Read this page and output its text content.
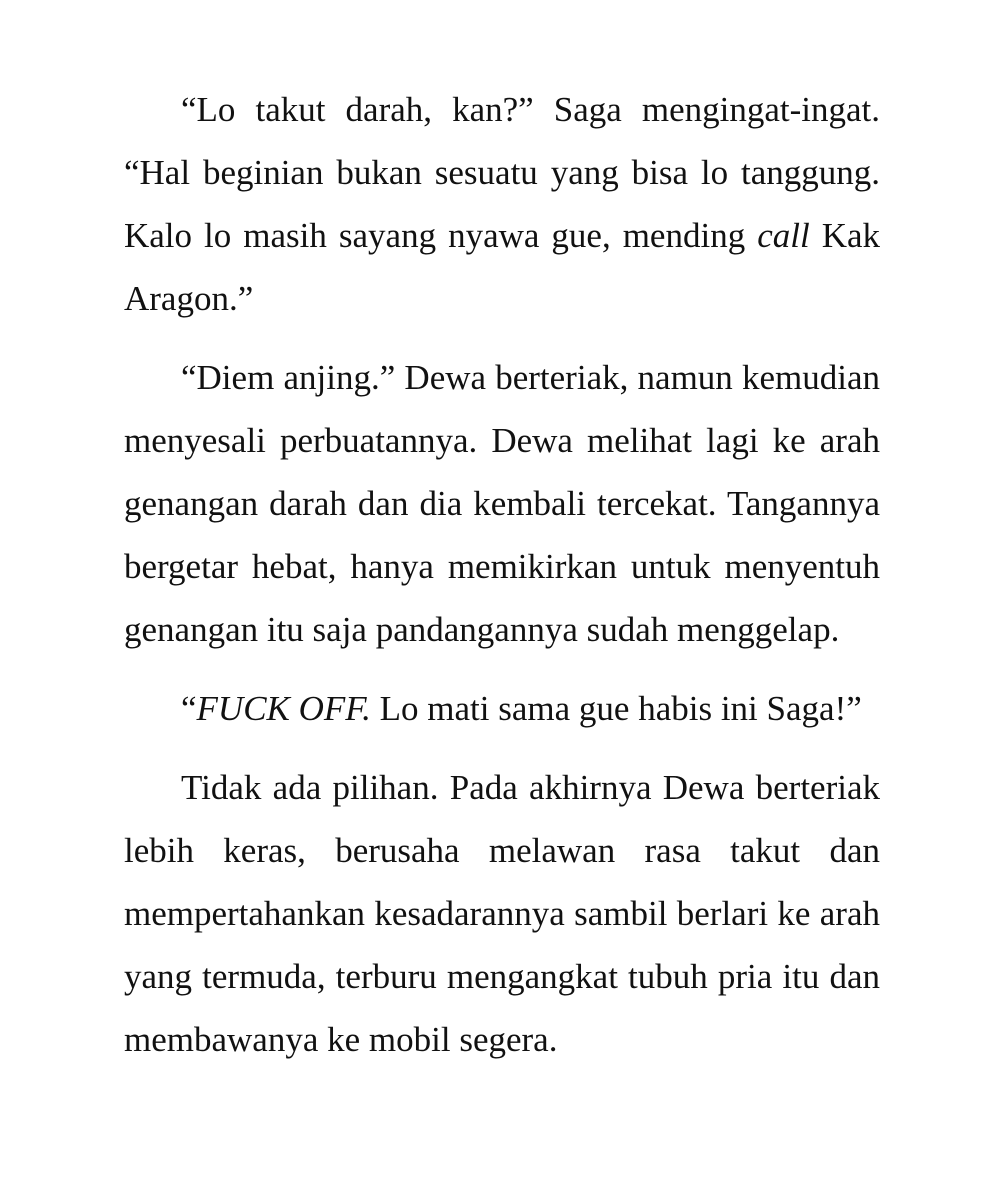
“Lo takut darah, kan?” Saga mengingat-ingat. “Hal beginian bukan sesuatu yang bisa lo tanggung. Kalo lo masih sayang nyawa gue, mending call Kak Aragon.”

“Diem anjing.” Dewa berteriak, namun kemudian menyesali perbuatannya. Dewa melihat lagi ke arah genangan darah dan dia kembali tercekat. Tangannya bergetar hebat, hanya memikirkan untuk menyentuh genangan itu saja pandangannya sudah menggelap.

“FUCK OFF. Lo mati sama gue habis ini Saga!”

Tidak ada pilihan. Pada akhirnya Dewa berteriak lebih keras, berusaha melawan rasa takut dan mempertahankan kesadarannya sambil berlari ke arah yang termuda, terburu mengangkat tubuh pria itu dan membawanya ke mobil segera.
